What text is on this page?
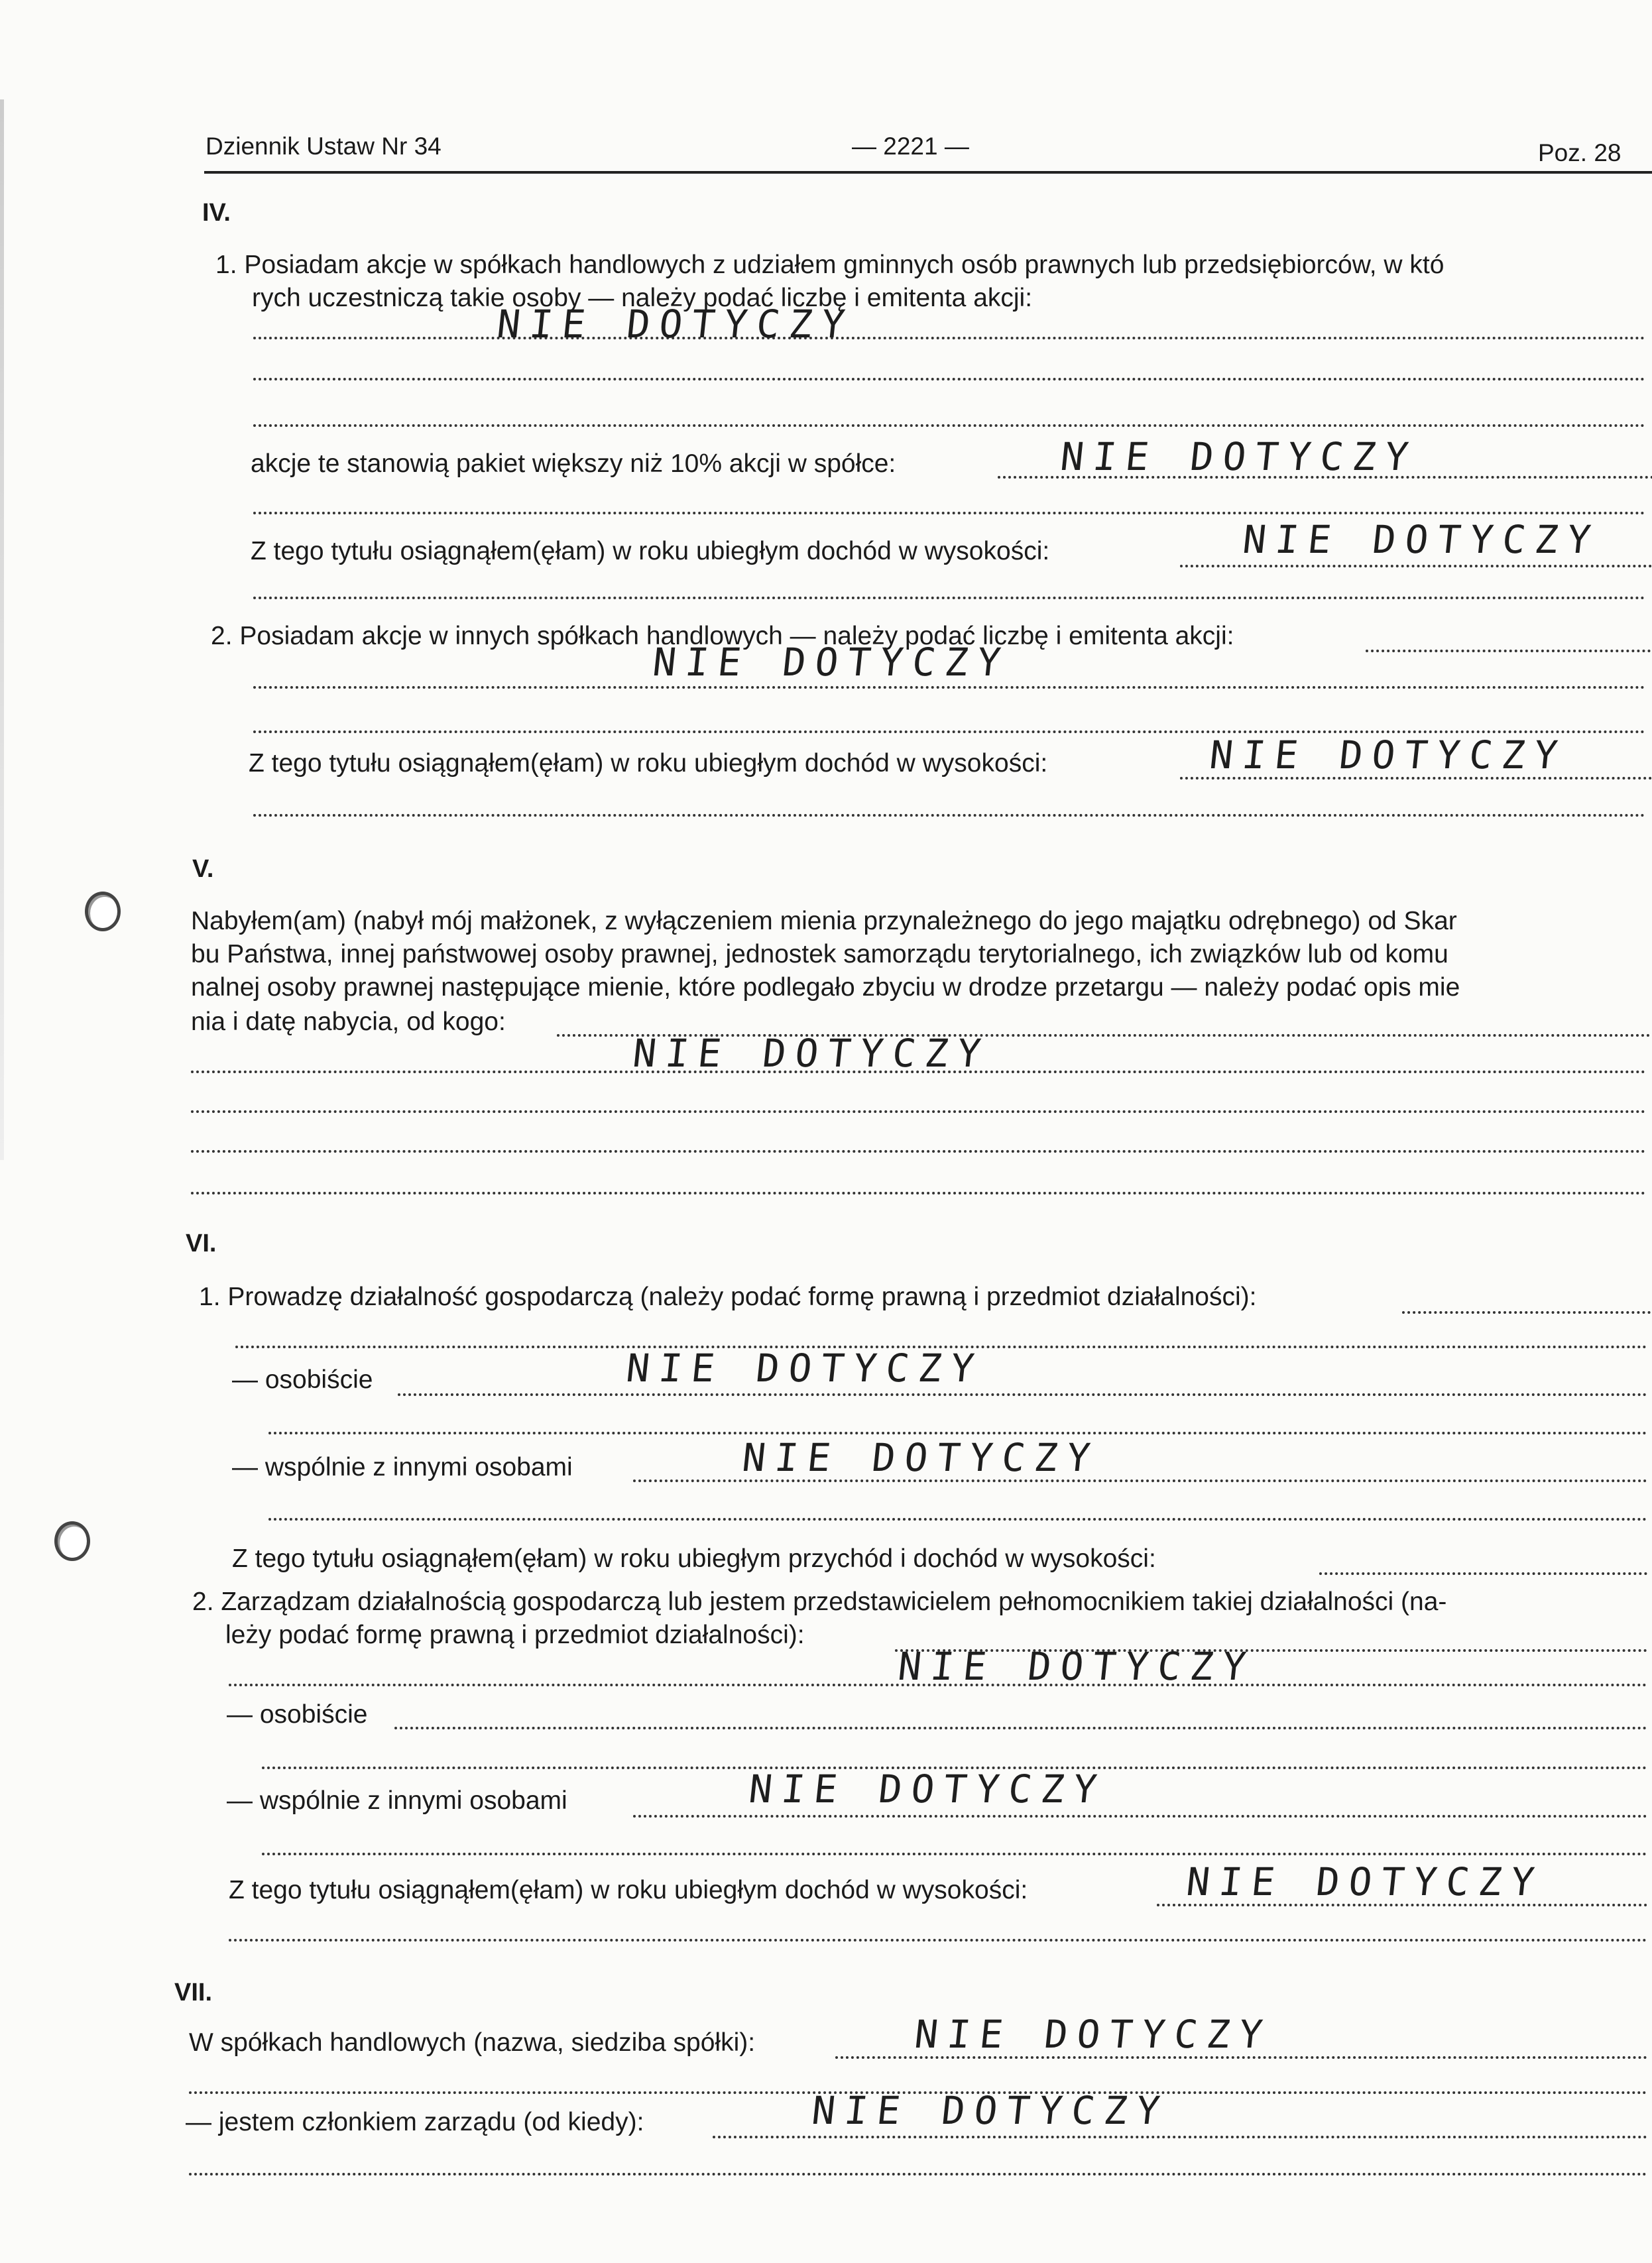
Dziennik Ustaw Nr 34	— 2221 —	Poz. 28
IV.
1. Posiadam akcje w spółkach handlowych z udziałem gminnych osób prawnych lub przedsiębiorców, w któ
rych uczestniczą takie osoby — należy podać liczbę i emitenta akcji:
NIE DOTYCZY
akcje te stanowią pakiet większy niż 10% akcji w spółce:	NIE DOTYCZY
Z tego tytułu osiągnąłem(ęłam) w roku ubiegłym dochód w wysokości:	NIE DOTYCZY
2. Posiadam akcje w innych spółkach handlowych — należy podać liczbę i emitenta akcji:
NIE DOTYCZY
Z tego tytułu osiągnąłem(ęłam) w roku ubiegłym dochód w wysokości:	NIE DOTYCZY
V.
Nabyłem(am) (nabył mój małżonek, z wyłączeniem mienia przynależnego do jego majątku odrębnego) od Skar
bu Państwa, innej państwowej osoby prawnej, jednostek samorządu terytorialnego, ich związków lub od komu
nalnej osoby prawnej następujące mienie, które podlegało zbyciu w drodze przetargu — należy podać opis mie
nia i datę nabycia, od kogo:
NIE DOTYCZY
VI.
1. Prowadzę działalność gospodarczą (należy podać formę prawną i przedmiot działalności):
— osobiście	NIE DOTYCZY
— wspólnie z innymi osobami	NIE DOTYCZY
Z tego tytułu osiągnąłem(ęłam) w roku ubiegłym przychód i dochód w wysokości:
2. Zarządzam działalnością gospodarczą lub jestem przedstawicielem pełnomocnikiem takiej działalności (na-
leży podać formę prawną i przedmiot działalności):
NIE DOTYCZY
— osobiście
— wspólnie z innymi osobami	NIE DOTYCZY
Z tego tytułu osiągnąłem(ęłam) w roku ubiegłym dochód w wysokości:	NIE DOTYCZY
VII.
W spółkach handlowych (nazwa, siedziba spółki):	NIE DOTYCZY
— jestem członkiem zarządu (od kiedy):	NIE DOTYCZY
